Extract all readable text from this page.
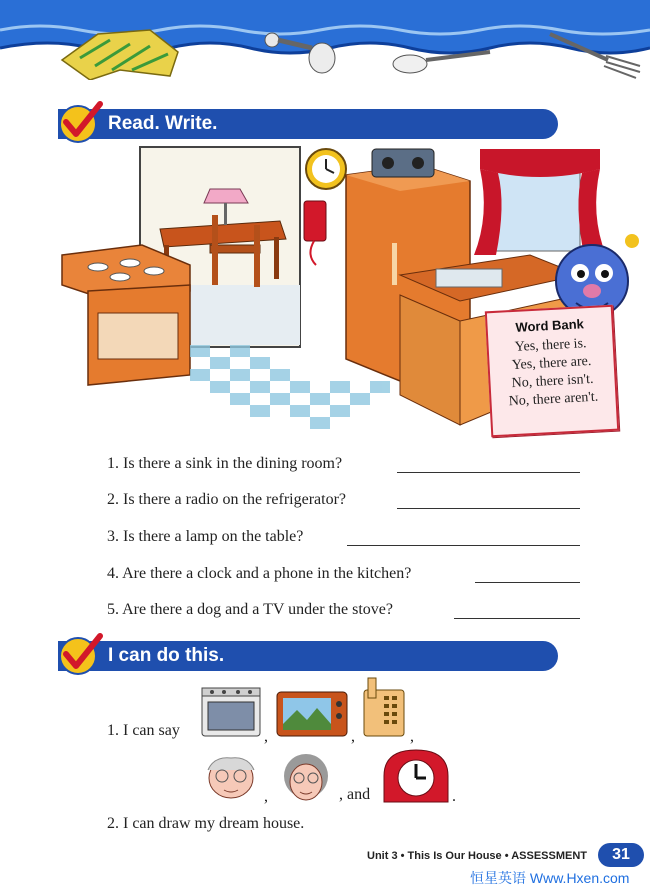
Read. Write.
Word Bank
Yes, there is.
Yes, there are.
No, there isn't.
No, there aren't.
1. Is there a sink in the dining room?
2. Is there a radio on the refrigerator?
3. Is there a lamp on the table?
4. Are there a clock and a phone in the kitchen?
5. Are there a dog and a TV under the stove?
I can do this.
1. I can say	,	,	,
,	, and	.
2. I can draw my dream house.
Unit 3 • This Is Our House • ASSESSMENT	31
恒星英语 Www.Hxen.com
